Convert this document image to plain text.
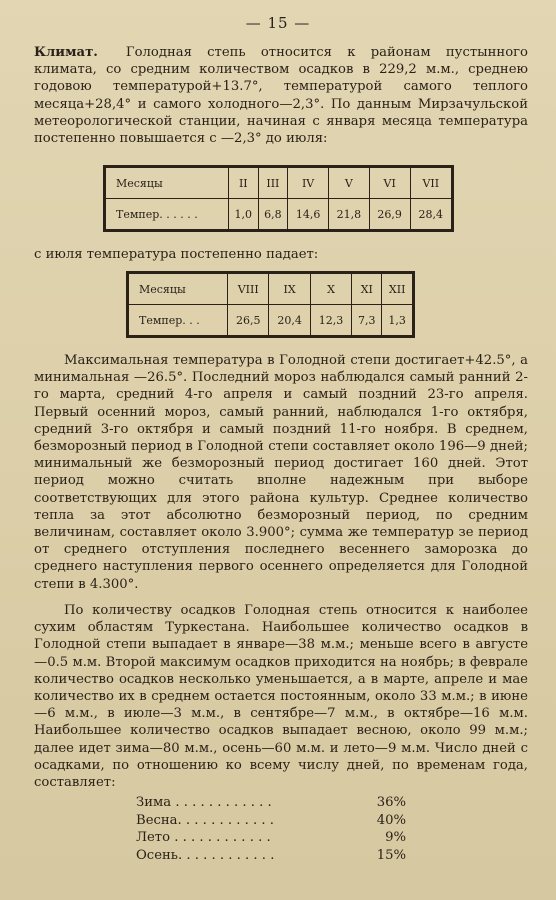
— 15 —

Климат. Голодная степь относится к районам пустынного климата, со средним количеством осадков в 229,2 м.м., среднею годовою температурой+13.7°, температурой самого теплого месяца+28,4° и самого холодного—2,3°. По данным Мирзачульской метеорологической станции, начиная с января месяца температура постепенно повышается с —2,3° до июля:

Месяцы	II	III	IV	V	VI	VII
Темпер. . . . . .	1,0	6,8	14,6	21,8	26,9	28,4

с июля температура постепенно падает:

Месяцы	VIII	IX	X	XI	XII
Темпер. . .	26,5	20,4	12,3	7,3	1,3

Максимальная температура в Голодной степи достигает+42.5°, а минимальная —26.5°. Последний мороз наблюдался самый ранний 2-го марта, средний 4-го апреля и самый поздний 23-го апреля. Первый осенний мороз, самый ранний, наблюдался 1-го октября, средний 3-го октября и самый поздний 11-го ноября. В среднем, безморозный период в Голодной степи составляет около 196—9 дней; минимальный же безморозный период достигает 160 дней. Этот период можно считать вполне надежным при выборе соответствующих для этого района культур. Среднее количество тепла за этот абсолютно безморозный период, по средним величинам, составляет около 3.900°; сумма же температур зе период от среднего отступления последнего весеннего заморозка до среднего наступления первого осеннего определяется для Голодной степи в 4.300°.

По количеству осадков Голодная степь относится к наиболее сухим областям Туркестана. Наибольшее количество осадков в Голодной степи выпадает в январе—38 м.м.; меньше всего в августе—0.5 м.м. Второй максимум осадков приходится на ноябрь; в феврале количество осадков несколько уменьшается, а в марте, апреле и мае количество их в среднем остается постоянным, около 33 м.м.; в июне—6 м.м., в июле—3 м.м., в сентябре—7 м.м., в октябре—16 м.м. Наибольшее количество осадков выпадает весною, около 99 м.м.; далее идет зима—80 м.м., осень—60 м.м. и лето—9 м.м. Число дней с осадками, по отношению ко всему числу дней, по временам года, составляет:

Зима . . . . . . . . . . . .	36%
Весна. . . . . . . . . . . .	40%
Лето . . . . . . . . . . . .	9%
Осень. . . . . . . . . . . .	15%
